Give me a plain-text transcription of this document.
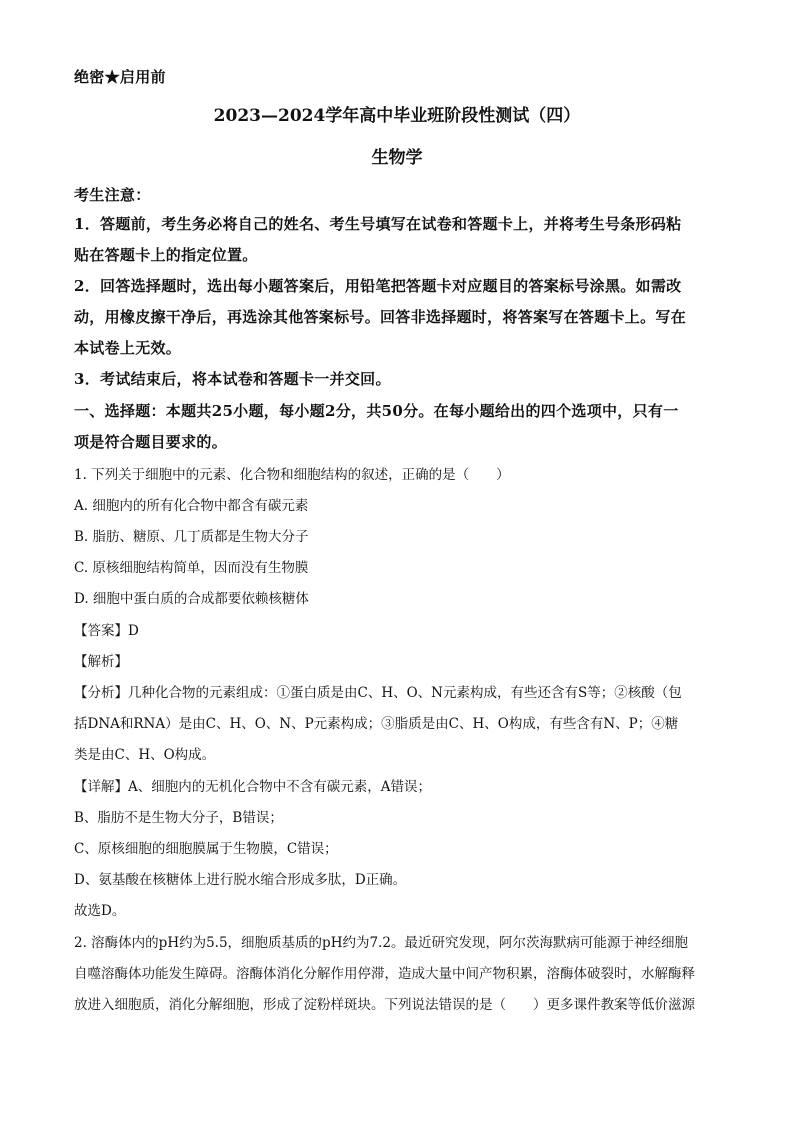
绝密★启用前
2023—2024学年高中毕业班阶段性测试（四）
生物学
考生注意：
1．答题前，考生务必将自己的姓名、考生号填写在试卷和答题卡上，并将考生号条形码粘
贴在答题卡上的指定位置。
2．回答选择题时，选出每小题答案后，用铅笔把答题卡对应题目的答案标号涂黑。如需改
动，用橡皮擦干净后，再选涂其他答案标号。回答非选择题时，将答案写在答题卡上。写在
本试卷上无效。
3．考试结束后，将本试卷和答题卡一并交回。
一、选择题：本题共25小题，每小题2分，共50分。在每小题给出的四个选项中，只有一
项是符合题目要求的。
1. 下列关于细胞中的元素、化合物和细胞结构的叙述，正确的是（　　）
A. 细胞内的所有化合物中都含有碳元素
B. 脂肪、糖原、几丁质都是生物大分子
C. 原核细胞结构简单，因而没有生物膜
D. 细胞中蛋白质的合成都要依赖核糖体
【答案】D
【解析】
【分析】几种化合物的元素组成：①蛋白质是由C、H、O、N元素构成，有些还含有S等；②核酸（包
括DNA和RNA）是由C、H、O、N、P元素构成；③脂质是由C、H、O构成，有些含有N、P；④糖
类是由C、H、O构成。
【详解】A、细胞内的无机化合物中不含有碳元素，A错误；
B、脂肪不是生物大分子，B错误；
C、原核细胞的细胞膜属于生物膜，C错误；
D、氨基酸在核糖体上进行脱水缩合形成多肽，D正确。
故选D。
2. 溶酶体内的pH约为5.5，细胞质基质的pH约为7.2。最近研究发现，阿尔茨海默病可能源于神经细胞
自噬溶酶体功能发生障碍。溶酶体消化分解作用停滞，造成大量中间产物积累，溶酶体破裂时，水解酶释
放进入细胞质，消化分解细胞，形成了淀粉样斑块。下列说法错误的是（　　）更多课件教案等低价滋源
